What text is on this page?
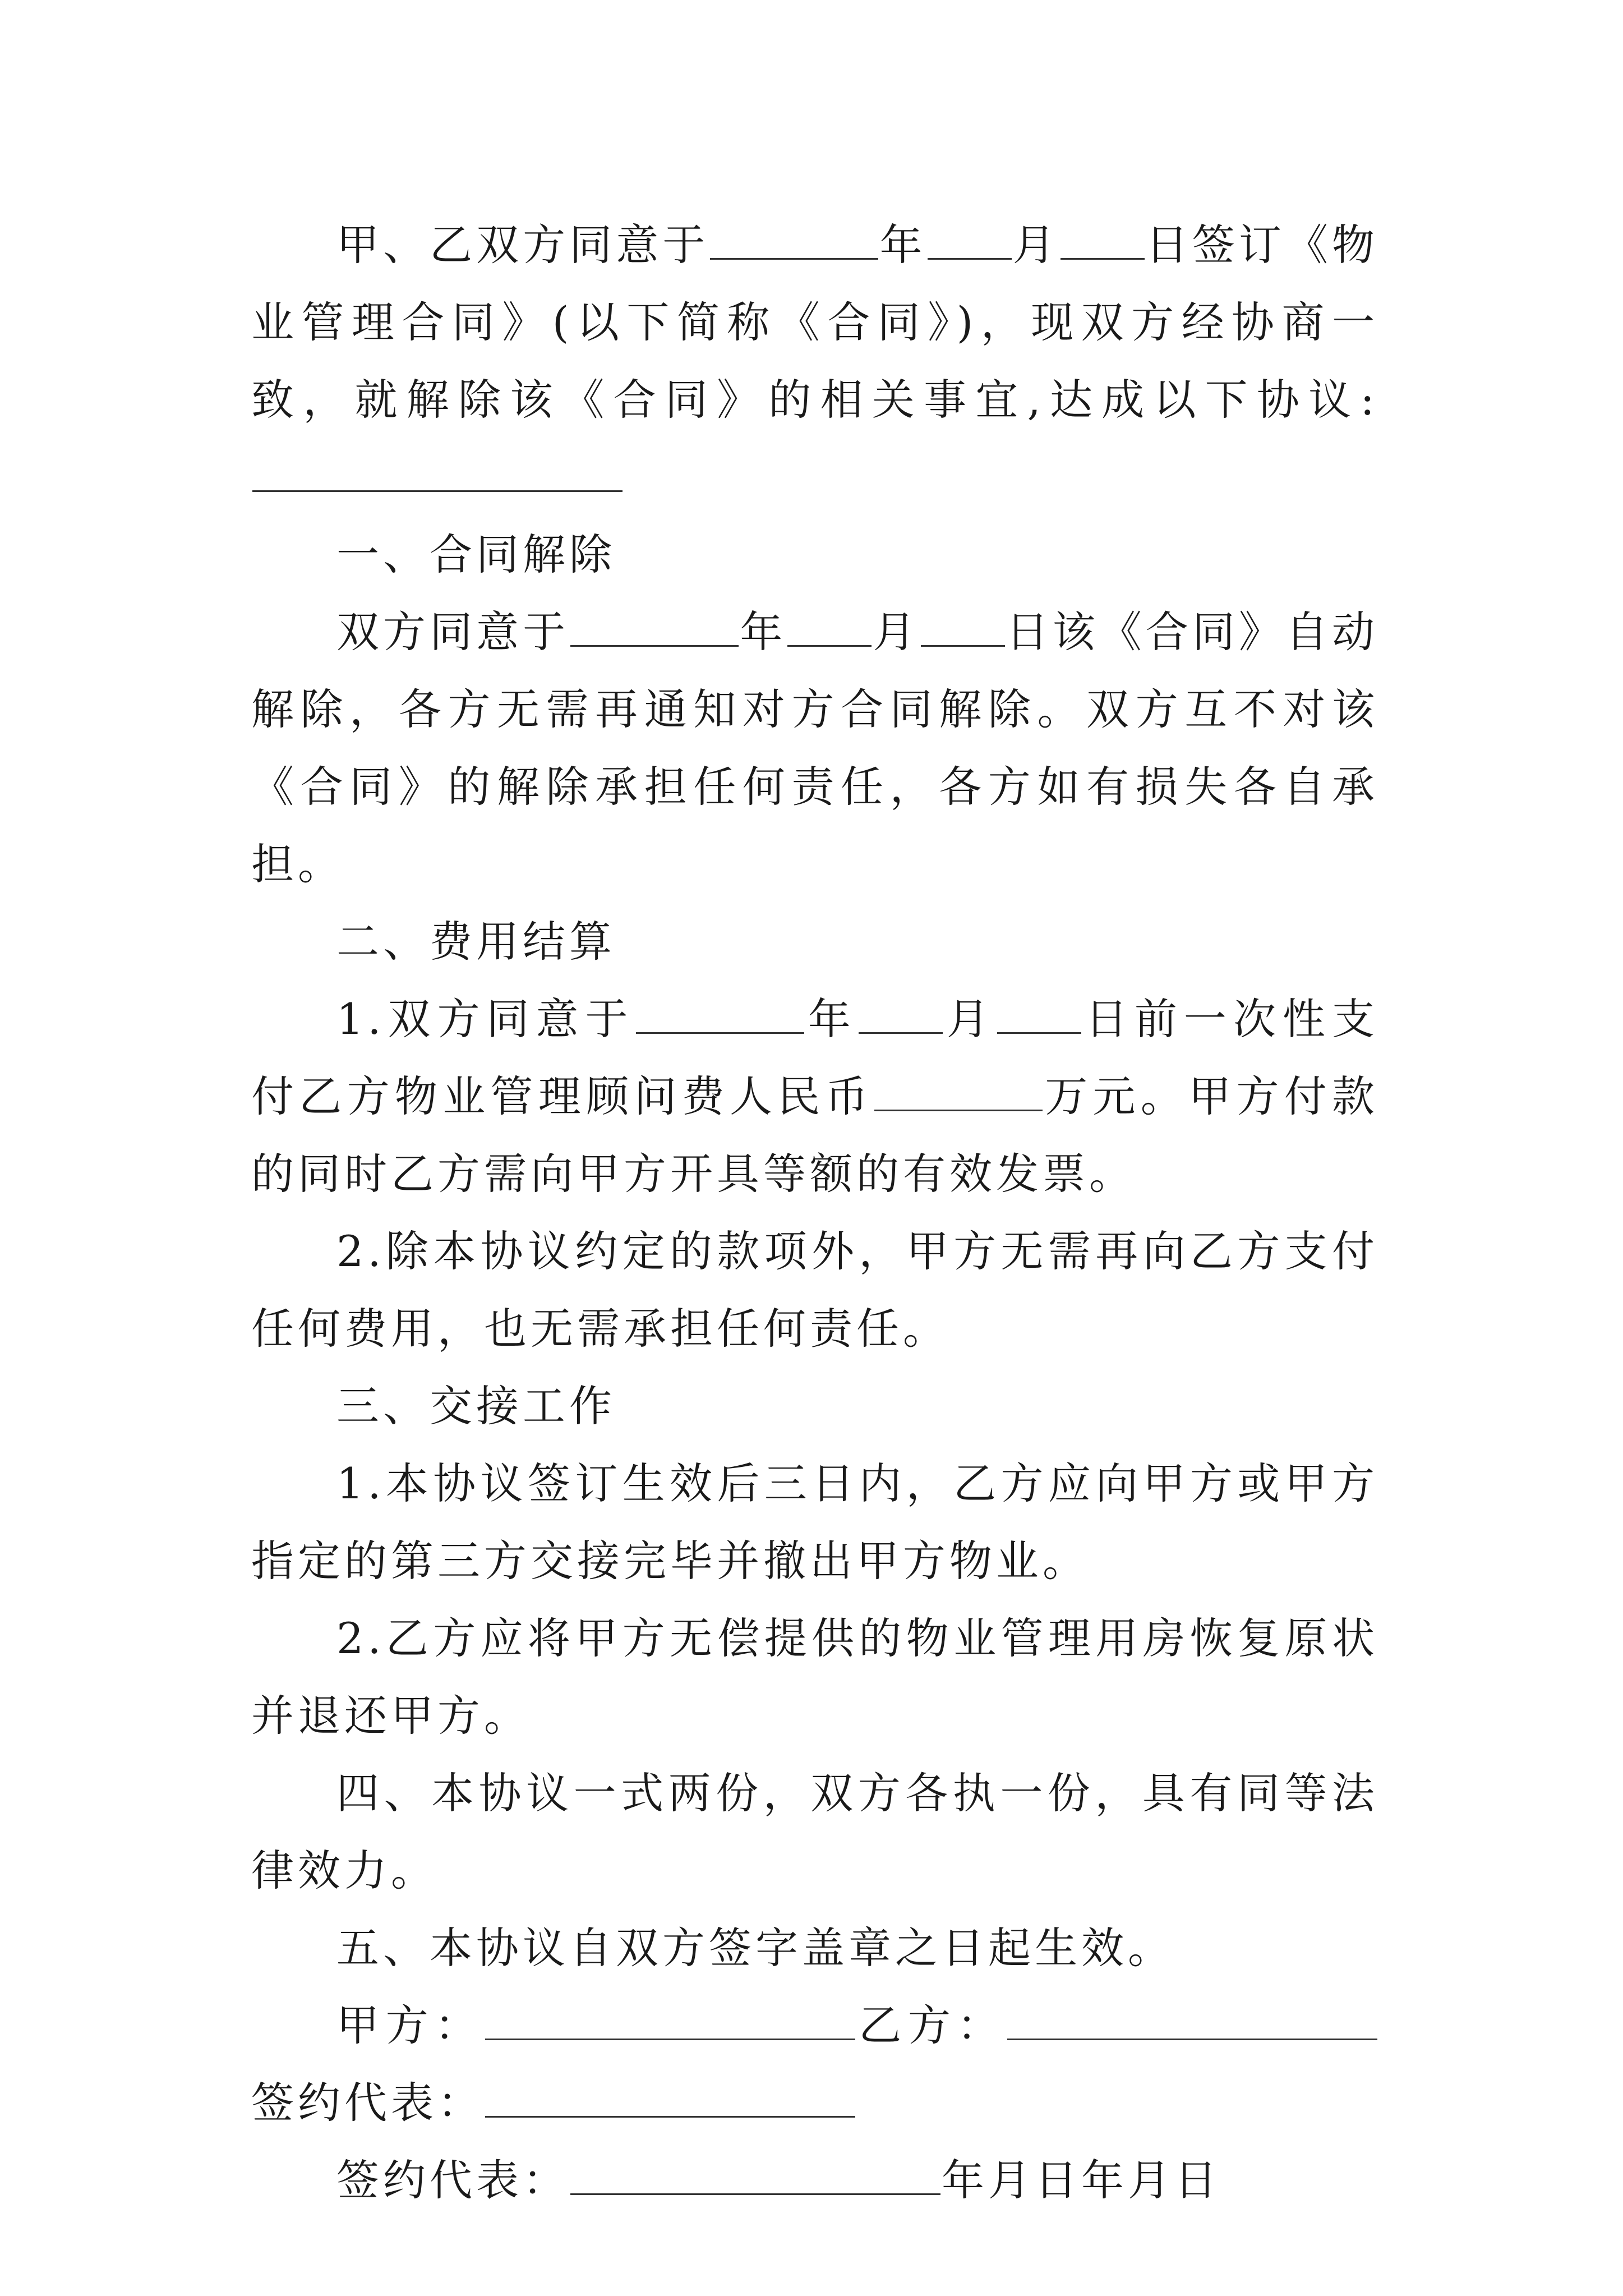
甲、乙双方同意于	年 月 日签订《物业管理合同》(以下简称《合同》)，现双方经协商一致，就解除该《合同》的相关事宜,达成以下协议:

一、合同解除

双方同意于	年 月 日该《合同》自动解除，各方无需再通知对方合同解除。双方互不对该《合同》的解除承担任何责任，各方如有损失各自承担。

二、费用结算

1.双方同意于	年 月 日前一次性支付乙方物业管理顾问费人民币	万元。甲方付款的同时乙方需向甲方开具等额的有效发票。

2.除本协议约定的款项外，甲方无需再向乙方支付任何费用，也无需承担任何责任。

三、交接工作

1.本协议签订生效后三日内，乙方应向甲方或甲方指定的第三方交接完毕并撤出甲方物业。

2.乙方应将甲方无偿提供的物业管理用房恢复原状并退还甲方。

四、本协议一式两份，双方各执一份，具有同等法律效力。

五、本协议自双方签字盖章之日起生效。

甲方：	乙方：签约代表：

签约代表：	年月日年月日
